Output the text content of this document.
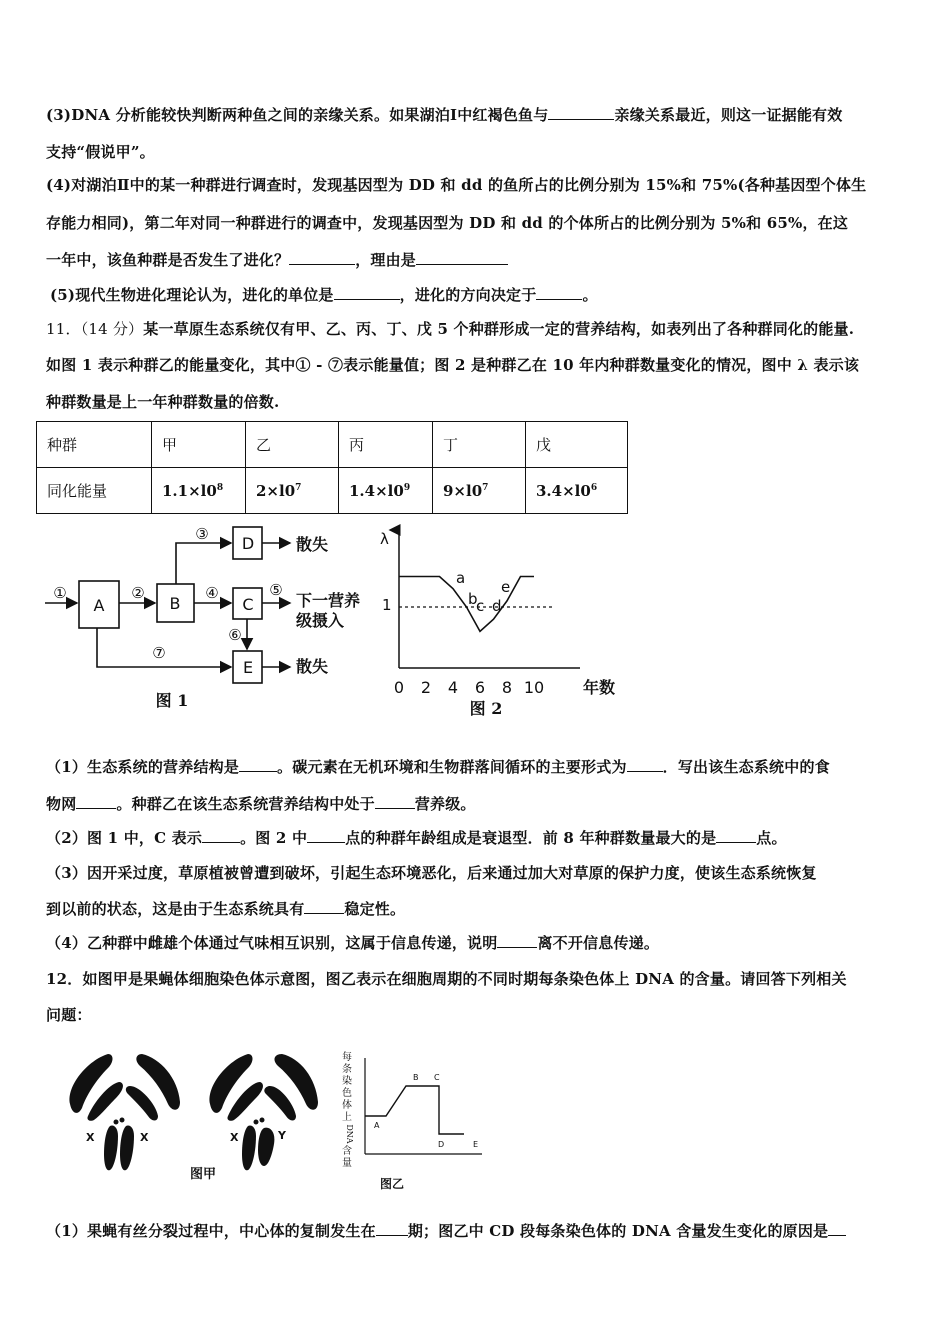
(3)DNA 分析能较快判断两种鱼之间的亲缘关系。如果湖泊Ⅰ中红褐色鱼与	亲缘关系最近，则这一证据能有效
支持“假说甲”。
(4)对湖泊Ⅱ中的某一种群进行调查时，发现基因型为 DD 和 dd 的鱼所占的比例分别为 15%和 75%(各种基因型个体生
存能力相同)，第二年对同一种群进行的调查中，发现基因型为 DD 和 dd 的个体所占的比例分别为 5%和 65%，在这
一年中，该鱼种群是否发生了进化？	，理由是
(5)现代生物进化理论认为，进化的单位是	，进化的方向决定于	。
11．（14 分）某一草原生态系统仅有甲、乙、丙、丁、戊 5 个种群形成一定的营养结构，如表列出了各种群同化的能量.
如图 1 表示种群乙的能量变化，其中① - ⑦表示能量值；图 2 是种群乙在 10 年内种群数量变化的情况，图中 λ 表示该
种群数量是上一年种群数量的倍数.
种群	甲	乙	丙	丁	戊
同化能量	$1.1\times l0^8$	$2\times l0^7$	$1.4\times l0^9$	$9\times l0^7$	$3.4\times l0^6$
A	B	C
D
E
①	②
③
④	⑤
⑥
⑦
散失
下一营养
级摄入
散失
图 1
λ
1
a
b
c d
e
0 2 4 6 8 10 年数
图 2
（1）生态系统的营养结构是	。碳元素在无机环境和生物群落间循环的主要形式为 ．写出该生态系统中的食
物网	。种群乙在该生态系统营养结构中处于	营养级。
（2）图 1 中，C 表示	。图 2 中	点的种群年龄组成是衰退型．前 8 年种群数量最大的是	点。
（3）因开采过度，草原植被曾遭到破坏，引起生态环境恶化，后来通过加大对草原的保护力度，使该生态系统恢复
到以前的状态，这是由于生态系统具有	稳定性。
（4）乙种群中雌雄个体通过气味相互识别，这属于信息传递，说明	离不开信息传递。
12．如图甲是果蝇体细胞染色体示意图，图乙表示在细胞周期的不同时期每条染色体上 DNA 的含量。请回答下列相关
问题：
X	X	X	Y
图甲
每
条
染
色
体
上
DNA
含
量
A
B C
D	E
图乙
（1）果蝇有丝分裂过程中，中心体的复制发生在 期；图乙中 CD 段每条染色体的 DNA 含量发生变化的原因是
